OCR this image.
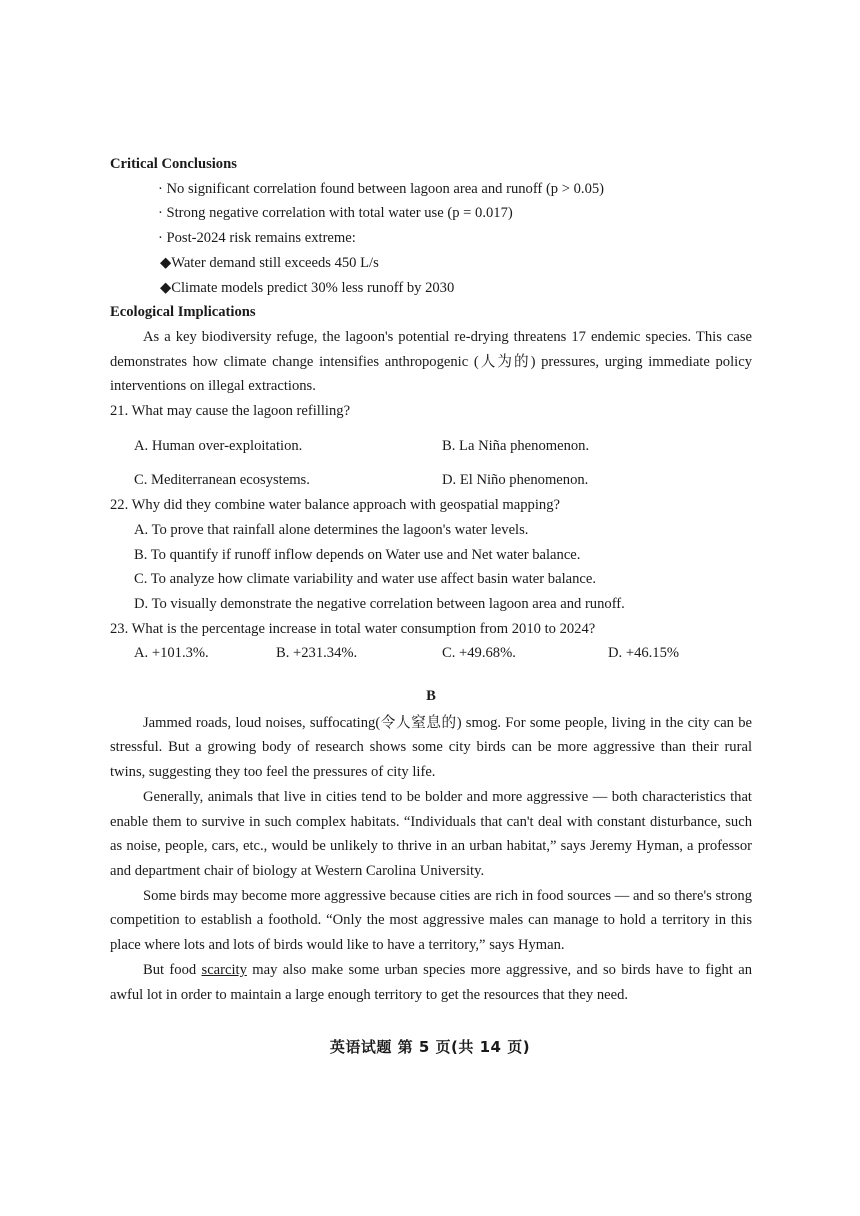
Critical Conclusions
· No significant correlation found between lagoon area and runoff (p > 0.05)
· Strong negative correlation with total water use (p = 0.017)
· Post-2024 risk remains extreme:
◆Water demand still exceeds 450 L/s
◆Climate models predict 30% less runoff by 2030
Ecological Implications
As a key biodiversity refuge, the lagoon's potential re-drying threatens 17 endemic species. This case demonstrates how climate change intensifies anthropogenic (人为的) pressures, urging immediate policy interventions on illegal extractions.
21. What may cause the lagoon refilling?
A. Human over-exploitation.	B. La Niña phenomenon.
C. Mediterranean ecosystems.	D. El Niño phenomenon.
22. Why did they combine water balance approach with geospatial mapping?
A. To prove that rainfall alone determines the lagoon's water levels.
B. To quantify if runoff inflow depends on Water use and Net water balance.
C. To analyze how climate variability and water use affect basin water balance.
D. To visually demonstrate the negative correlation between lagoon area and runoff.
23. What is the percentage increase in total water consumption from 2010 to 2024?
A. +101.3%.	B. +231.34%.	C. +49.68%.	D. +46.15%
B
Jammed roads, loud noises, suffocating(令人窒息的) smog. For some people, living in the city can be stressful. But a growing body of research shows some city birds can be more aggressive than their rural twins, suggesting they too feel the pressures of city life.
Generally, animals that live in cities tend to be bolder and more aggressive — both characteristics that enable them to survive in such complex habitats. “Individuals that can't deal with constant disturbance, such as noise, people, cars, etc., would be unlikely to thrive in an urban habitat,” says Jeremy Hyman, a professor and department chair of biology at Western Carolina University.
Some birds may become more aggressive because cities are rich in food sources — and so there's strong competition to establish a foothold. “Only the most aggressive males can manage to hold a territory in this place where lots and lots of birds would like to have a territory,” says Hyman.
But food scarcity may also make some urban species more aggressive, and so birds have to fight an awful lot in order to maintain a large enough territory to get the resources that they need.
英语试题 第 5 页(共 14 页)
